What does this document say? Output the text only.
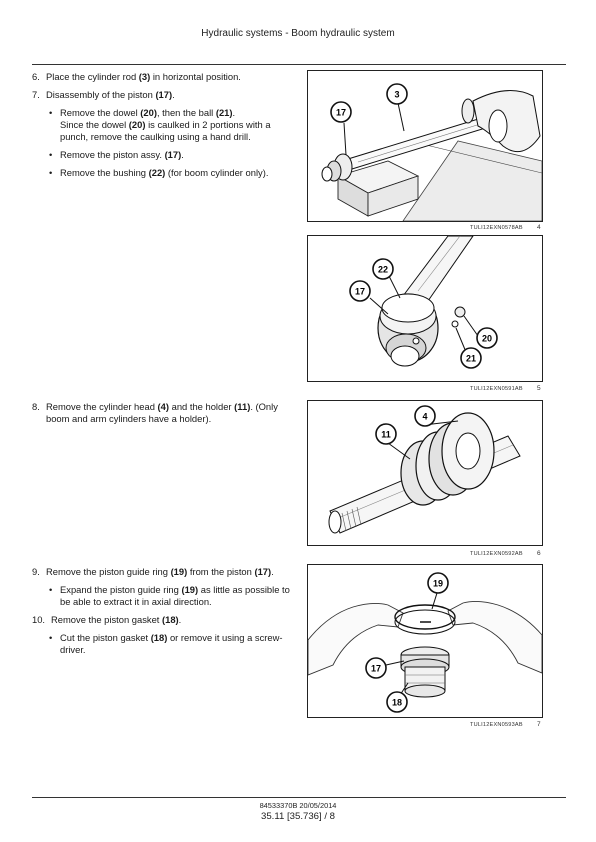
Hydraulic systems - Boom hydraulic system
6. Place the cylinder rod (3) in horizontal position.
7. Disassembly of the piston (17).
• Remove the dowel (20), then the ball (21).
Since the dowel (20) is caulked in 2 portions with a punch, remove the caulking using a hand drill.
• Remove the piston assy. (17).
• Remove the bushing (22) (for boom cylinder only).
8. Remove the cylinder head (4) and the holder (11). (Only boom and arm cylinders have a holder).
9. Remove the piston guide ring (19) from the piston (17).
• Expand the piston guide ring (19) as little as possible to be able to extract it in axial direction.
10. Remove the piston gasket (18).
• Cut the piston gasket (18) or remove it using a screw-driver.
17
3
TULI12EXN0578AB 4
22
17
20
21
TULI12EXN0591AB 5
4
11
TULI12EXN0592AB 6
19
17
18
TULI12EXN0593AB 7
84533370B 20/05/2014
35.11 [35.736] / 8
